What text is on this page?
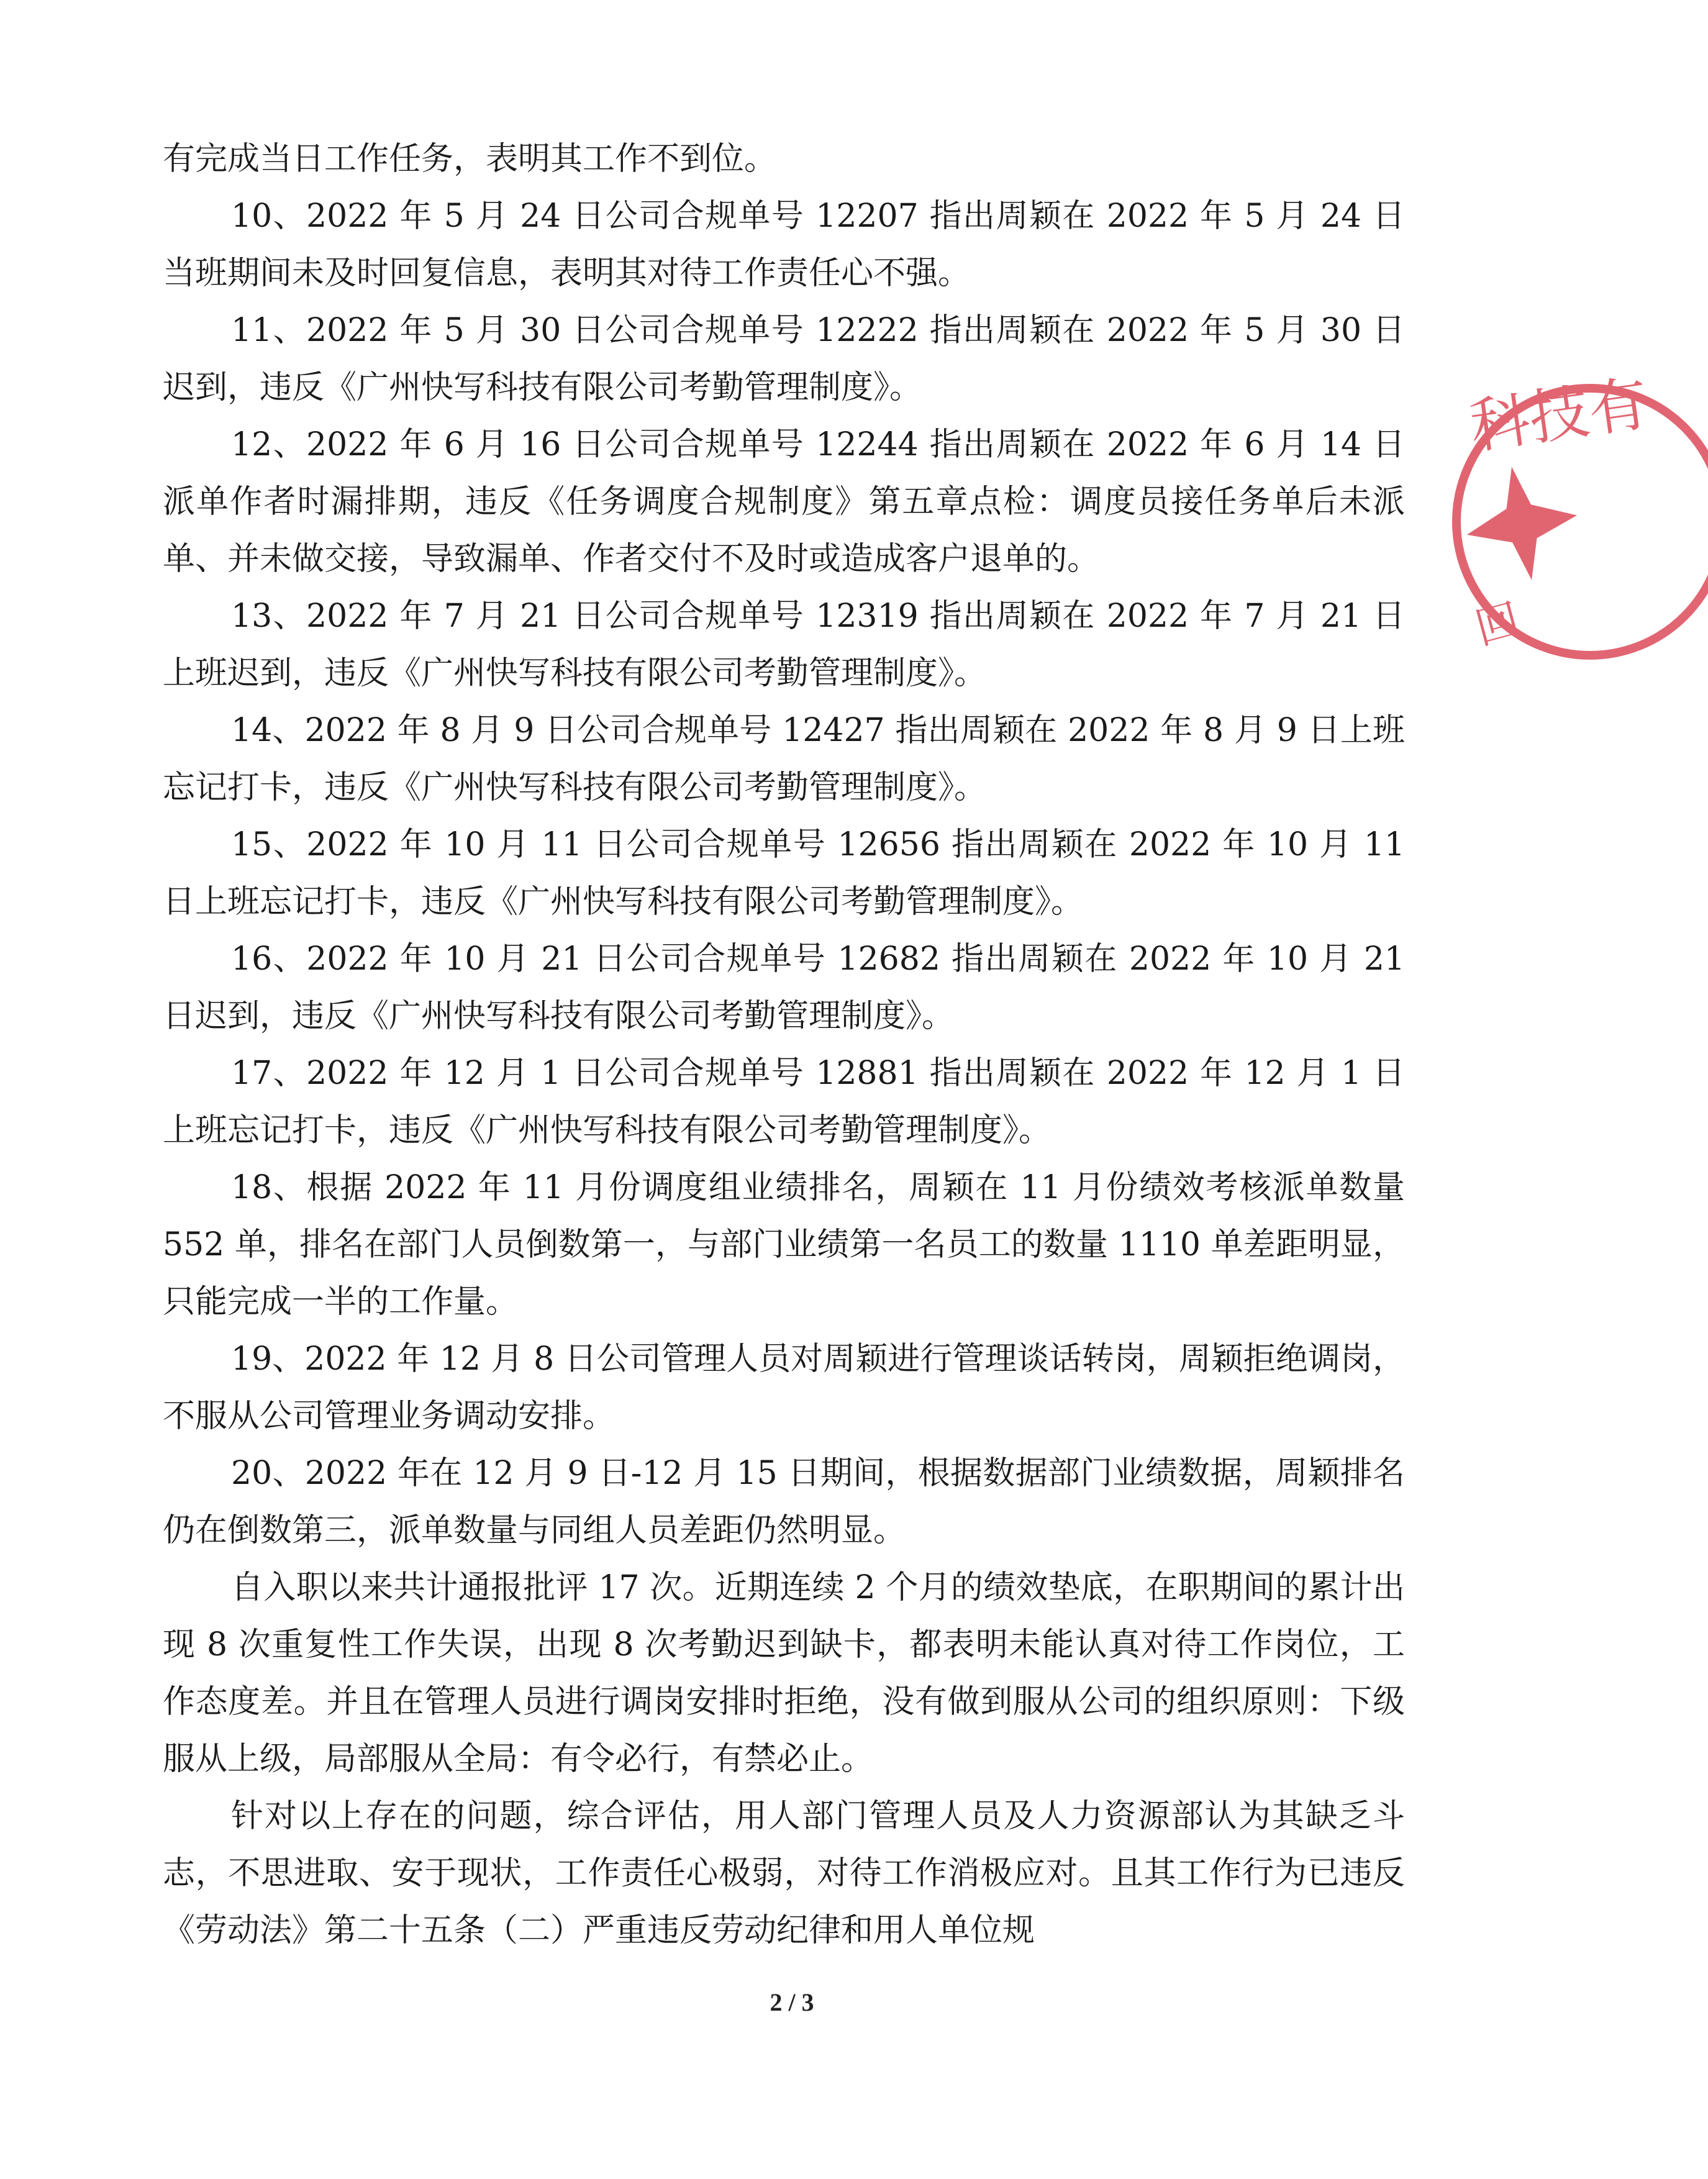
有完成当日工作任务，表明其工作不到位。

10、2022 年 5 月 24 日公司合规单号 12207 指出周颖在 2022 年 5 月 24 日当班期间未及时回复信息，表明其对待工作责任心不强。

11、2022 年 5 月 30 日公司合规单号 12222 指出周颖在 2022 年 5 月 30 日迟到，违反《广州快写科技有限公司考勤管理制度》。

12、2022 年 6 月 16 日公司合规单号 12244 指出周颖在 2022 年 6 月 14 日派单作者时漏排期，违反《任务调度合规制度》第五章点检：调度员接任务单后未派单、并未做交接，导致漏单、作者交付不及时或造成客户退单的。

13、2022 年 7 月 21 日公司合规单号 12319 指出周颖在 2022 年 7 月 21 日上班迟到，违反《广州快写科技有限公司考勤管理制度》。

14、2022 年 8 月 9 日公司合规单号 12427 指出周颖在 2022 年 8 月 9 日上班忘记打卡，违反《广州快写科技有限公司考勤管理制度》。

15、2022 年 10 月 11 日公司合规单号 12656 指出周颖在 2022 年 10 月 11 日上班忘记打卡，违反《广州快写科技有限公司考勤管理制度》。

16、2022 年 10 月 21 日公司合规单号 12682 指出周颖在 2022 年 10 月 21 日迟到，违反《广州快写科技有限公司考勤管理制度》。

17、2022 年 12 月 1 日公司合规单号 12881 指出周颖在 2022 年 12 月 1 日上班忘记打卡，违反《广州快写科技有限公司考勤管理制度》。

18、根据 2022 年 11 月份调度组业绩排名，周颖在 11 月份绩效考核派单数量 552 单，排名在部门人员倒数第一，与部门业绩第一名员工的数量 1110 单差距明显，只能完成一半的工作量。

19、2022 年 12 月 8 日公司管理人员对周颖进行管理谈话转岗，周颖拒绝调岗，不服从公司管理业务调动安排。

20、2022 年在 12 月 9 日-12 月 15 日期间，根据数据部门业绩数据，周颖排名仍在倒数第三，派单数量与同组人员差距仍然明显。

自入职以来共计通报批评 17 次。近期连续 2 个月的绩效垫底，在职期间的累计出现 8 次重复性工作失误，出现 8 次考勤迟到缺卡，都表明未能认真对待工作岗位，工作态度差。并且在管理人员进行调岗安排时拒绝，没有做到服从公司的组织原则：下级服从上级，局部服从全局：有令必行，有禁必止。

针对以上存在的问题，综合评估，用人部门管理人员及人力资源部认为其缺乏斗志，不思进取、安于现状，工作责任心极弱，对待工作消极应对。且其工作行为已违反《劳动法》第二十五条（二）严重违反劳动纪律和用人单位规

2 / 3
科技有
回
